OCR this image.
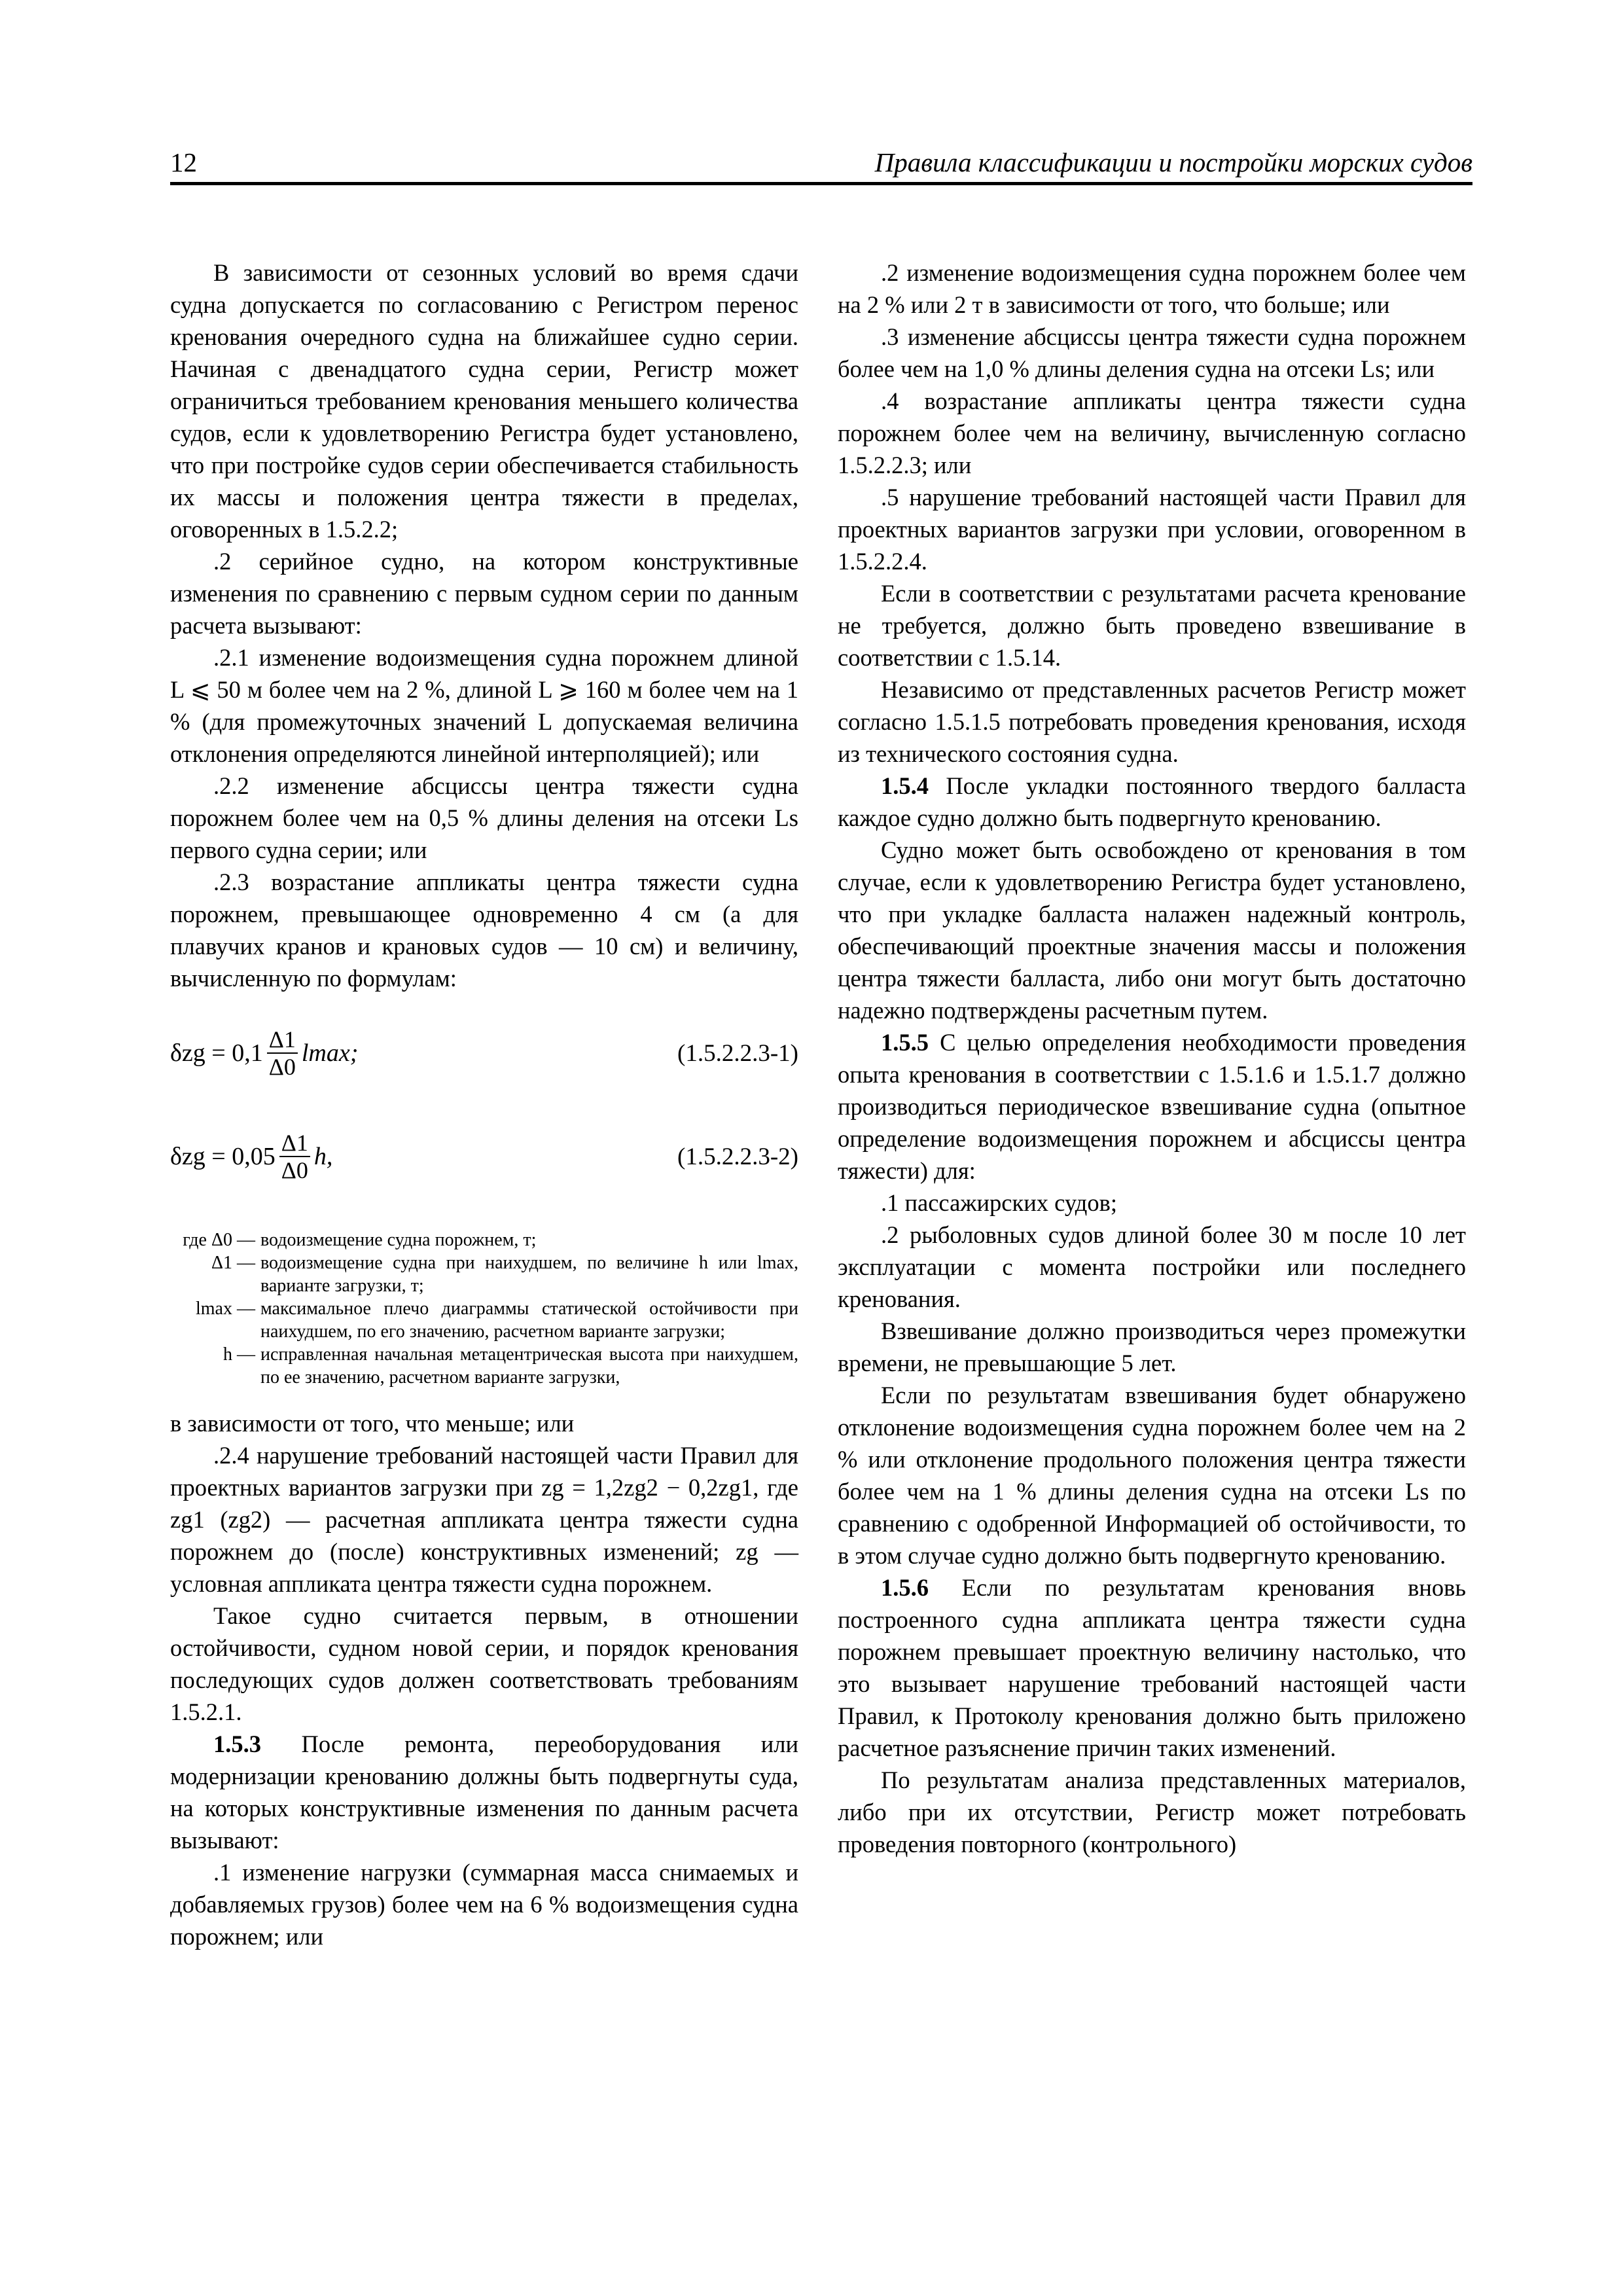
12	Правила классификации и постройки морских судов

В зависимости от сезонных условий во время сдачи судна допускается по согласованию с Регистром перенос кренования очередного судна на ближайшее судно серии. Начиная с двенадцатого судна серии, Регистр может ограничиться требованием кренования меньшего количества судов, если к удовлетворению Регистра будет установлено, что при постройке судов серии обеспечивается стабильность их массы и положения центра тяжести в пределах, оговоренных в 1.5.2.2;

.2 серийное судно, на котором конструктивные изменения по сравнению с первым судном серии по данным расчета вызывают:

.2.1 изменение водоизмещения судна порожнем длиной L ⩽ 50 м более чем на 2 %, длиной L ⩾ 160 м более чем на 1 % (для промежуточных значений L допускаемая величина отклонения определяются линейной интерполяцией); или

.2.2 изменение абсциссы центра тяжести судна порожнем более чем на 0,5 % длины деления на отсеки Ls первого судна серии; или

.2.3 возрастание аппликаты центра тяжести судна порожнем, превышающее одновременно 4 см (а для плавучих кранов и крановых судов — 10 см) и величину, вычисленную по формулам:

$\delta zg = 0,1 \frac{\Delta 1}{\Delta 0} lmax$;	(1.5.2.2.3-1)
$\delta zg = 0,05 \frac{\Delta 1}{\Delta 0} h$,	(1.5.2.2.3-2)
где Δ0 — водоизмещение судна порожнем, т;
Δ1 — водоизмещение судна при наихудшем, по величине h или lmax, варианте загрузки, т;
lmax — максимальное плечо диаграммы статической остойчивости при наихудшем, по его значению, расчетном варианте загрузки;
h — исправленная начальная метацентрическая высота при наихудшем, по ее значению, расчетном варианте загрузки,

в зависимости от того, что меньше; или

.2.4 нарушение требований настоящей части Правил для проектных вариантов загрузки при zg = 1,2zg2 − 0,2zg1, где zg1 (zg2) — расчетная аппликата центра тяжести судна порожнем до (после) конструктивных изменений; zg — условная аппликата центра тяжести судна порожнем.

Такое судно считается первым, в отношении остойчивости, судном новой серии, и порядок кренования последующих судов должен соответствовать требованиям 1.5.2.1.

1.5.3 После ремонта, переоборудования или модернизации кренованию должны быть подвергнуты суда, на которых конструктивные изменения по данным расчета вызывают:

.1 изменение нагрузки (суммарная масса снимаемых и добавляемых грузов) более чем на 6 % водоизмещения судна порожнем; или

.2 изменение водоизмещения судна порожнем более чем на 2 % или 2 т в зависимости от того, что больше; или

.3 изменение абсциссы центра тяжести судна порожнем более чем на 1,0 % длины деления судна на отсеки Ls; или

.4 возрастание аппликаты центра тяжести судна порожнем более чем на величину, вычисленную согласно 1.5.2.2.3; или

.5 нарушение требований настоящей части Правил для проектных вариантов загрузки при условии, оговоренном в 1.5.2.2.4.

Если в соответствии с результатами расчета кренование не требуется, должно быть проведено взвешивание в соответствии с 1.5.14.

Независимо от представленных расчетов Регистр может согласно 1.5.1.5 потребовать проведения кренования, исходя из технического состояния судна.

1.5.4 После укладки постоянного твердого балласта каждое судно должно быть подвергнуто кренованию.

Судно может быть освобождено от кренования в том случае, если к удовлетворению Регистра будет установлено, что при укладке балласта налажен надежный контроль, обеспечивающий проектные значения массы и положения центра тяжести балласта, либо они могут быть достаточно надежно подтверждены расчетным путем.

1.5.5 С целью определения необходимости проведения опыта кренования в соответствии с 1.5.1.6 и 1.5.1.7 должно производиться периодическое взвешивание судна (опытное определение водоизмещения порожнем и абсциссы центра тяжести) для:

.1 пассажирских судов;

.2 рыболовных судов длиной более 30 м после 10 лет эксплуатации с момента постройки или последнего кренования.

Взвешивание должно производиться через промежутки времени, не превышающие 5 лет.

Если по результатам взвешивания будет обнаружено отклонение водоизмещения судна порожнем более чем на 2 % или отклонение продольного положения центра тяжести более чем на 1 % длины деления судна на отсеки Ls по сравнению с одобренной Информацией об остойчивости, то в этом случае судно должно быть подвергнуто кренованию.

1.5.6 Если по результатам кренования вновь построенного судна аппликата центра тяжести судна порожнем превышает проектную величину настолько, что это вызывает нарушение требований настоящей части Правил, к Протоколу кренования должно быть приложено расчетное разъяснение причин таких изменений.

По результатам анализа представленных материалов, либо при их отсутствии, Регистр может потребовать проведения повторного (контрольного)
